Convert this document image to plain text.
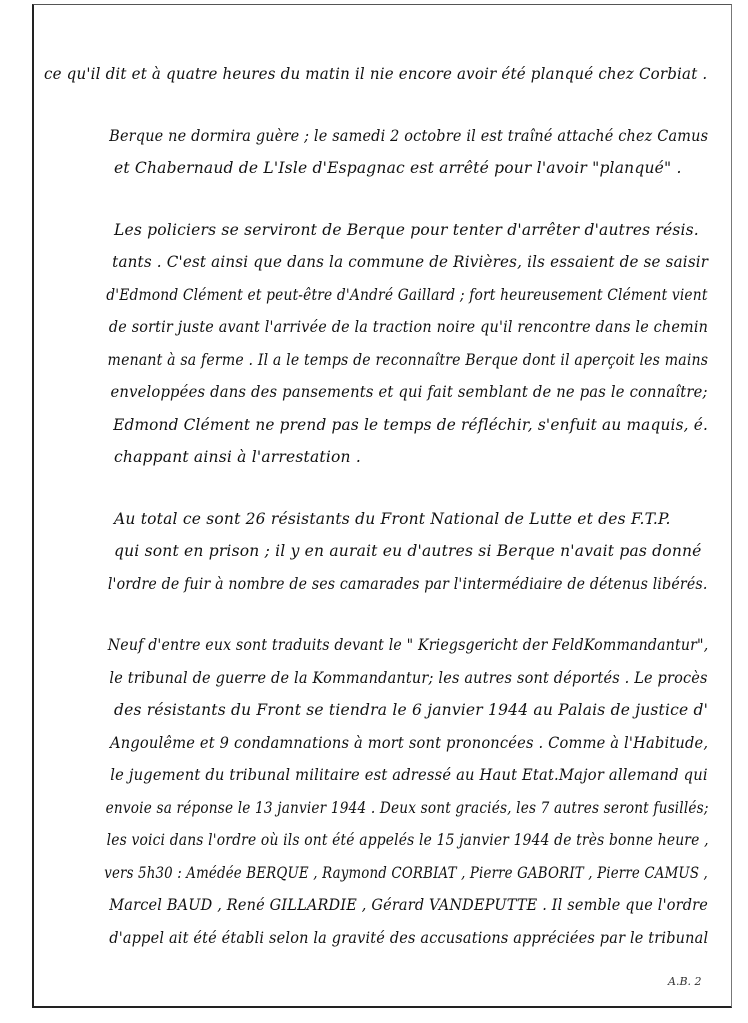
ce qu'il dit et à quatre heures du matin il nie encore avoir été planqué chez Corbiat .
Berque ne dormira guère ; le samedi 2 octobre il est traîné attaché chez Camus
et Chabernaud de L'Isle d'Espagnac est arrêté pour l'avoir "planqué" .
Les policiers se serviront de Berque pour tenter d'arrêter d'autres résis.
tants . C'est ainsi que dans la commune de Rivières, ils essaient de se saisir
d'Edmond Clément et peut-être d'André Gaillard ; fort heureusement Clément vient
de sortir juste avant l'arrivée de la traction noire qu'il rencontre dans le chemin
menant à sa ferme . Il a le temps de reconnaître Berque dont il aperçoit les mains
enveloppées dans des pansements et qui fait semblant de ne pas le connaître;
Edmond Clément ne prend pas le temps de réfléchir, s'enfuit au maquis, é.
chappant ainsi à l'arrestation .
Au total ce sont 26 résistants du Front National de Lutte et des F.T.P.
qui sont en prison ; il y en aurait eu d'autres si Berque n'avait pas donné
l'ordre de fuir à nombre de ses camarades par l'intermédiaire de détenus libérés.
Neuf d'entre eux sont traduits devant le " Kriegsgericht der FeldKommandantur",
le tribunal de guerre de la Kommandantur; les autres sont déportés . Le procès
des résistants du Front se tiendra le 6 janvier 1944 au Palais de justice d'
Angoulême et 9 condamnations à mort sont prononcées . Comme à l'Habitude,
le jugement du tribunal militaire est adressé au Haut Etat.Major allemand qui
envoie sa réponse le 13 janvier 1944 . Deux sont graciés, les 7 autres seront fusillés;
les voici dans l'ordre où ils ont été appelés le 15 janvier 1944 de très bonne heure ,
vers 5h30 : Amédée BERQUE , Raymond CORBIAT , Pierre GABORIT , Pierre CAMUS ,
Marcel BAUD , René GILLARDIE , Gérard VANDEPUTTE . Il semble que l'ordre
d'appel ait été établi selon la gravité des accusations appréciées par le tribunal
A.B. 2
